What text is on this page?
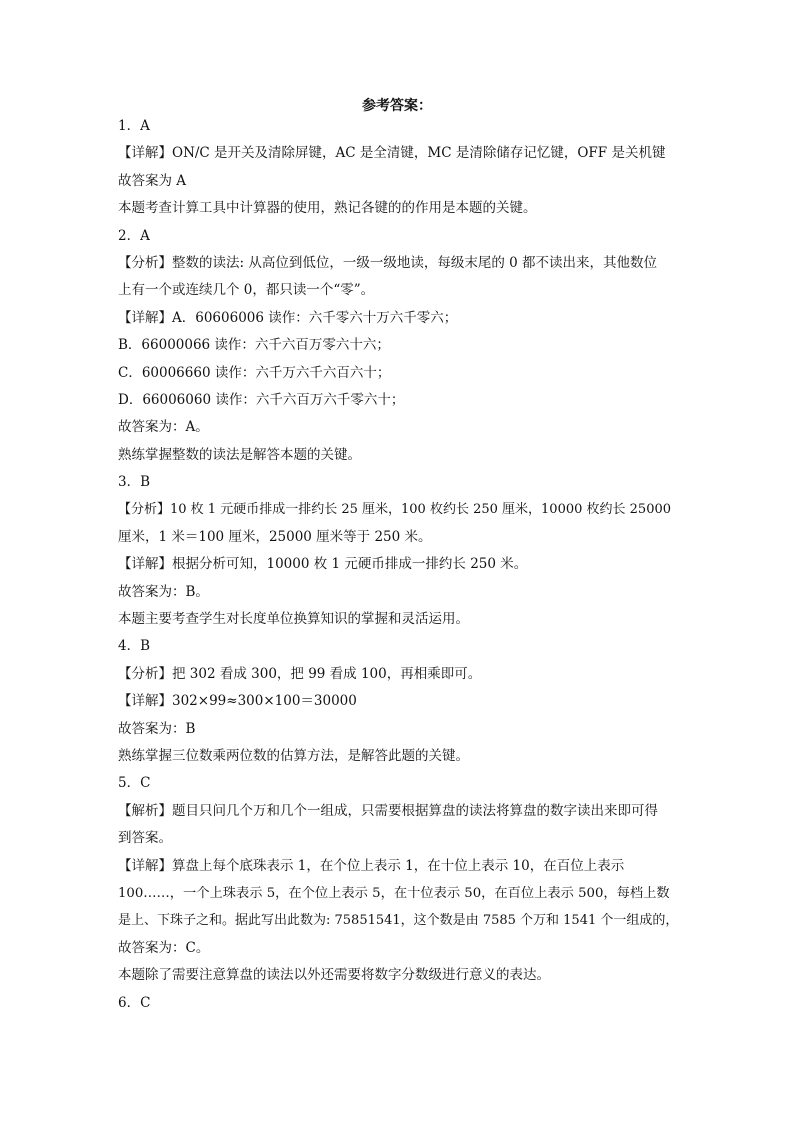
参考答案：
1．A
【详解】ON/C 是开关及清除屏键，AC 是全清键，MC 是清除储存记忆键，OFF 是关机键
故答案为 A
本题考查计算工具中计算器的使用，熟记各键的的作用是本题的关键。
2．A
【分析】整数的读法: 从高位到低位，一级一级地读，每级末尾的 0 都不读出来，其他数位
上有一个或连续几个 0，都只读一个“零”。
【详解】A．60606006 读作：六千零六十万六千零六；
B．66000066 读作：六千六百万零六十六；
C．60006660 读作：六千万六千六百六十；
D．66006060 读作：六千六百万六千零六十；
故答案为：A。
熟练掌握整数的读法是解答本题的关键。
3．B
【分析】10 枚 1 元硬币排成一排约长 25 厘米，100 枚约长 250 厘米，10000 枚约长 25000
厘米，1 米＝100 厘米，25000 厘米等于 250 米。
【详解】根据分析可知，10000 枚 1 元硬币排成一排约长 250 米。
故答案为：B。
本题主要考查学生对长度单位换算知识的掌握和灵活运用。
4．B
【分析】把 302 看成 300，把 99 看成 100，再相乘即可。
【详解】302×99≈300×100＝30000
故答案为：B
熟练掌握三位数乘两位数的估算方法，是解答此题的关键。
5．C
【解析】题目只问几个万和几个一组成，只需要根据算盘的读法将算盘的数字读出来即可得
到答案。
【详解】算盘上每个底珠表示 1，在个位上表示 1，在十位上表示 10，在百位上表示
100……，一个上珠表示 5，在个位上表示 5，在十位表示 50，在百位上表示 500，每档上数
是上、下珠子之和。据此写出此数为: 75851541，这个数是由 7585 个万和 1541 个一组成的，
故答案为：C。
本题除了需要注意算盘的读法以外还需要将数字分数级进行意义的表达。
6．C
